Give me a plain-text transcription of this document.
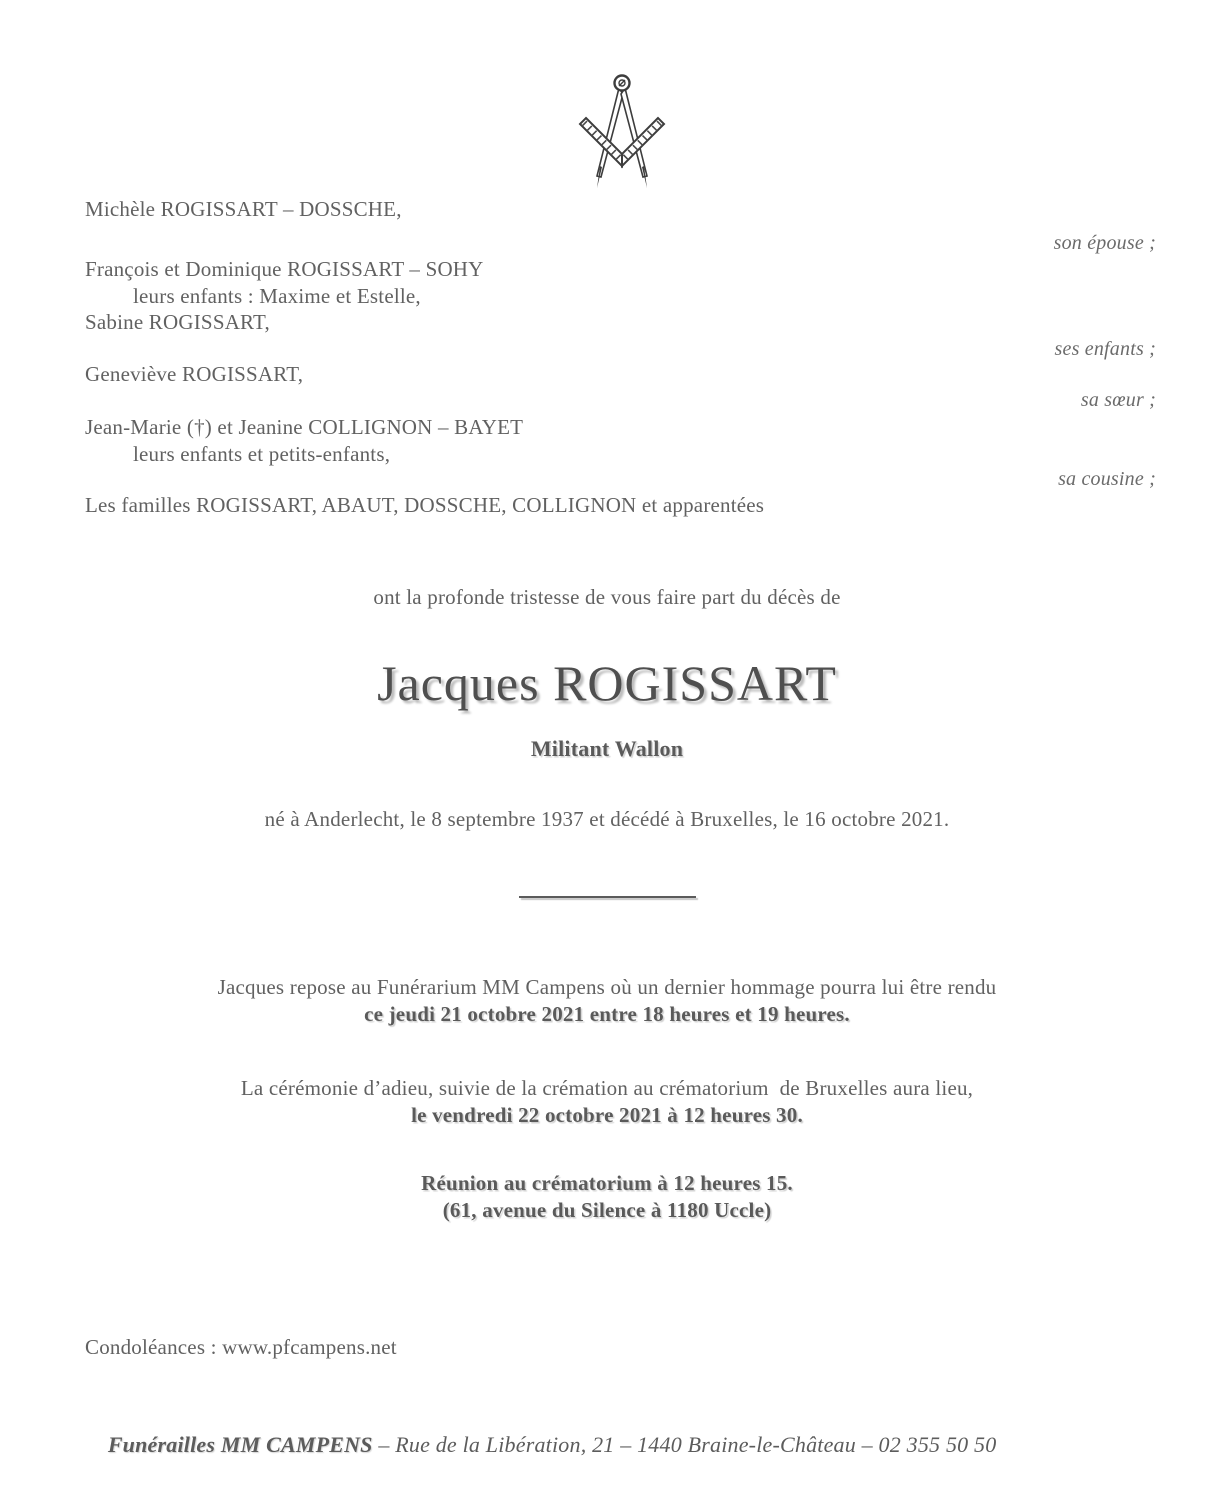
Michèle ROGISSART – DOSSCHE,
François et Dominique ROGISSART – SOHY
leurs enfants : Maxime et Estelle,
Sabine ROGISSART,
Geneviève ROGISSART,
Jean-Marie (†) et Jeanine COLLIGNON – BAYET
leurs enfants et petits-enfants,
Les familles ROGISSART, ABAUT, DOSSCHE, COLLIGNON et apparentées
son épouse ;
ses enfants ;
sa sœur ;
sa cousine ;
ont la profonde tristesse de vous faire part du décès de
Jacques ROGISSART
Militant Wallon
né à Anderlecht, le 8 septembre 1937 et décédé à Bruxelles, le 16 octobre 2021.
Jacques repose au Funérarium MM Campens où un dernier hommage pourra lui être rendu
ce jeudi 21 octobre 2021 entre 18 heures et 19 heures.
La cérémonie d’adieu, suivie de la crémation au crématorium  de Bruxelles aura lieu,
le vendredi 22 octobre 2021 à 12 heures 30.
Réunion au crématorium à 12 heures 15.
(61, avenue du Silence à 1180 Uccle)
Condoléances : www.pfcampens.net

Funérailles MM CAMPENS – Rue de la Libération, 21 – 1440 Braine-le-Château – 02 355 50 50
